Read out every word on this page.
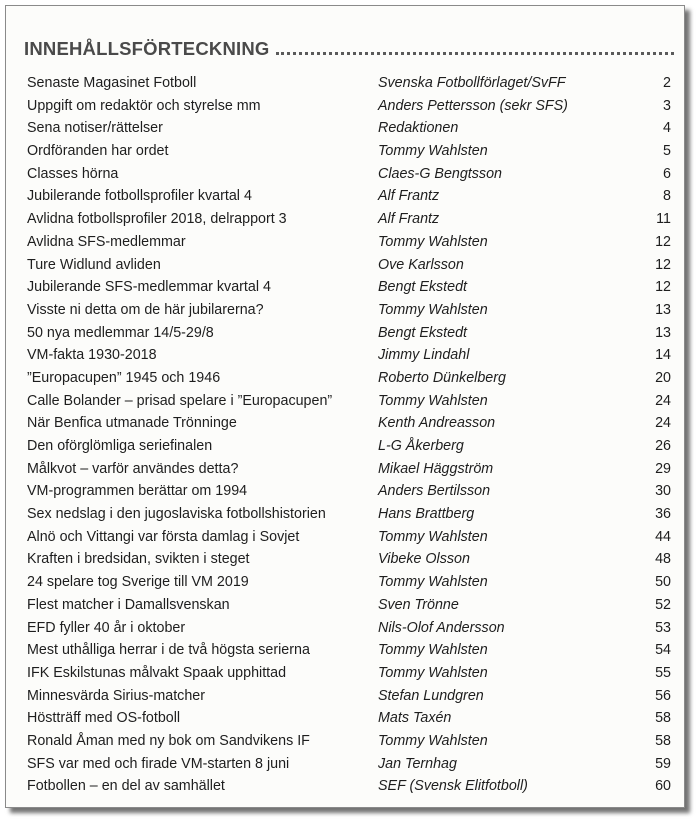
INNEHÅLLSFÖRTECKNING
Senaste Magasinet Fotboll	Svenska Fotbollförlaget/SvFF	2
Uppgift om redaktör och styrelse mm	Anders Pettersson (sekr SFS)	3
Sena notiser/rättelser	Redaktionen	4
Ordföranden har ordet	Tommy Wahlsten	5
Classes hörna	Claes-G Bengtsson	6
Jubilerande fotbollsprofiler kvartal 4	Alf Frantz	8
Avlidna fotbollsprofiler 2018, delrapport 3	Alf Frantz	11
Avlidna SFS-medlemmar	Tommy Wahlsten	12
Ture Widlund avliden	Ove Karlsson	12
Jubilerande SFS-medlemmar kvartal 4	Bengt Ekstedt	12
Visste ni detta om de här jubilarerna?	Tommy Wahlsten	13
50 nya medlemmar 14/5-29/8	Bengt Ekstedt	13
VM-fakta 1930-2018	Jimmy Lindahl	14
”Europacupen” 1945 och 1946	Roberto Dünkelberg	20
Calle Bolander – prisad spelare i ”Europacupen”	Tommy Wahlsten	24
När Benfica utmanade Trönninge	Kenth Andreasson	24
Den oförglömliga seriefinalen	L-G Åkerberg	26
Målkvot – varför användes detta?	Mikael Häggström	29
VM-programmen berättar om 1994	Anders Bertilsson	30
Sex nedslag i den jugoslaviska fotbollshistorien	Hans Brattberg	36
Alnö och Vittangi var första damlag i Sovjet	Tommy Wahlsten	44
Kraften i bredsidan, svikten i steget	Vibeke Olsson	48
24 spelare tog Sverige till VM 2019	Tommy Wahlsten	50
Flest matcher i Damallsvenskan	Sven Trönne	52
EFD fyller 40 år i oktober	Nils-Olof Andersson	53
Mest uthålliga herrar i de två högsta serierna	Tommy Wahlsten	54
IFK Eskilstunas målvakt Spaak upphittad	Tommy Wahlsten	55
Minnesvärda Sirius-matcher	Stefan Lundgren	56
Höstträff med OS-fotboll	Mats Taxén	58
Ronald Åman med ny bok om Sandvikens IF	Tommy Wahlsten	58
SFS var med och firade VM-starten 8 juni	Jan Ternhag	59
Fotbollen – en del av samhället	SEF (Svensk Elitfotboll)	60
